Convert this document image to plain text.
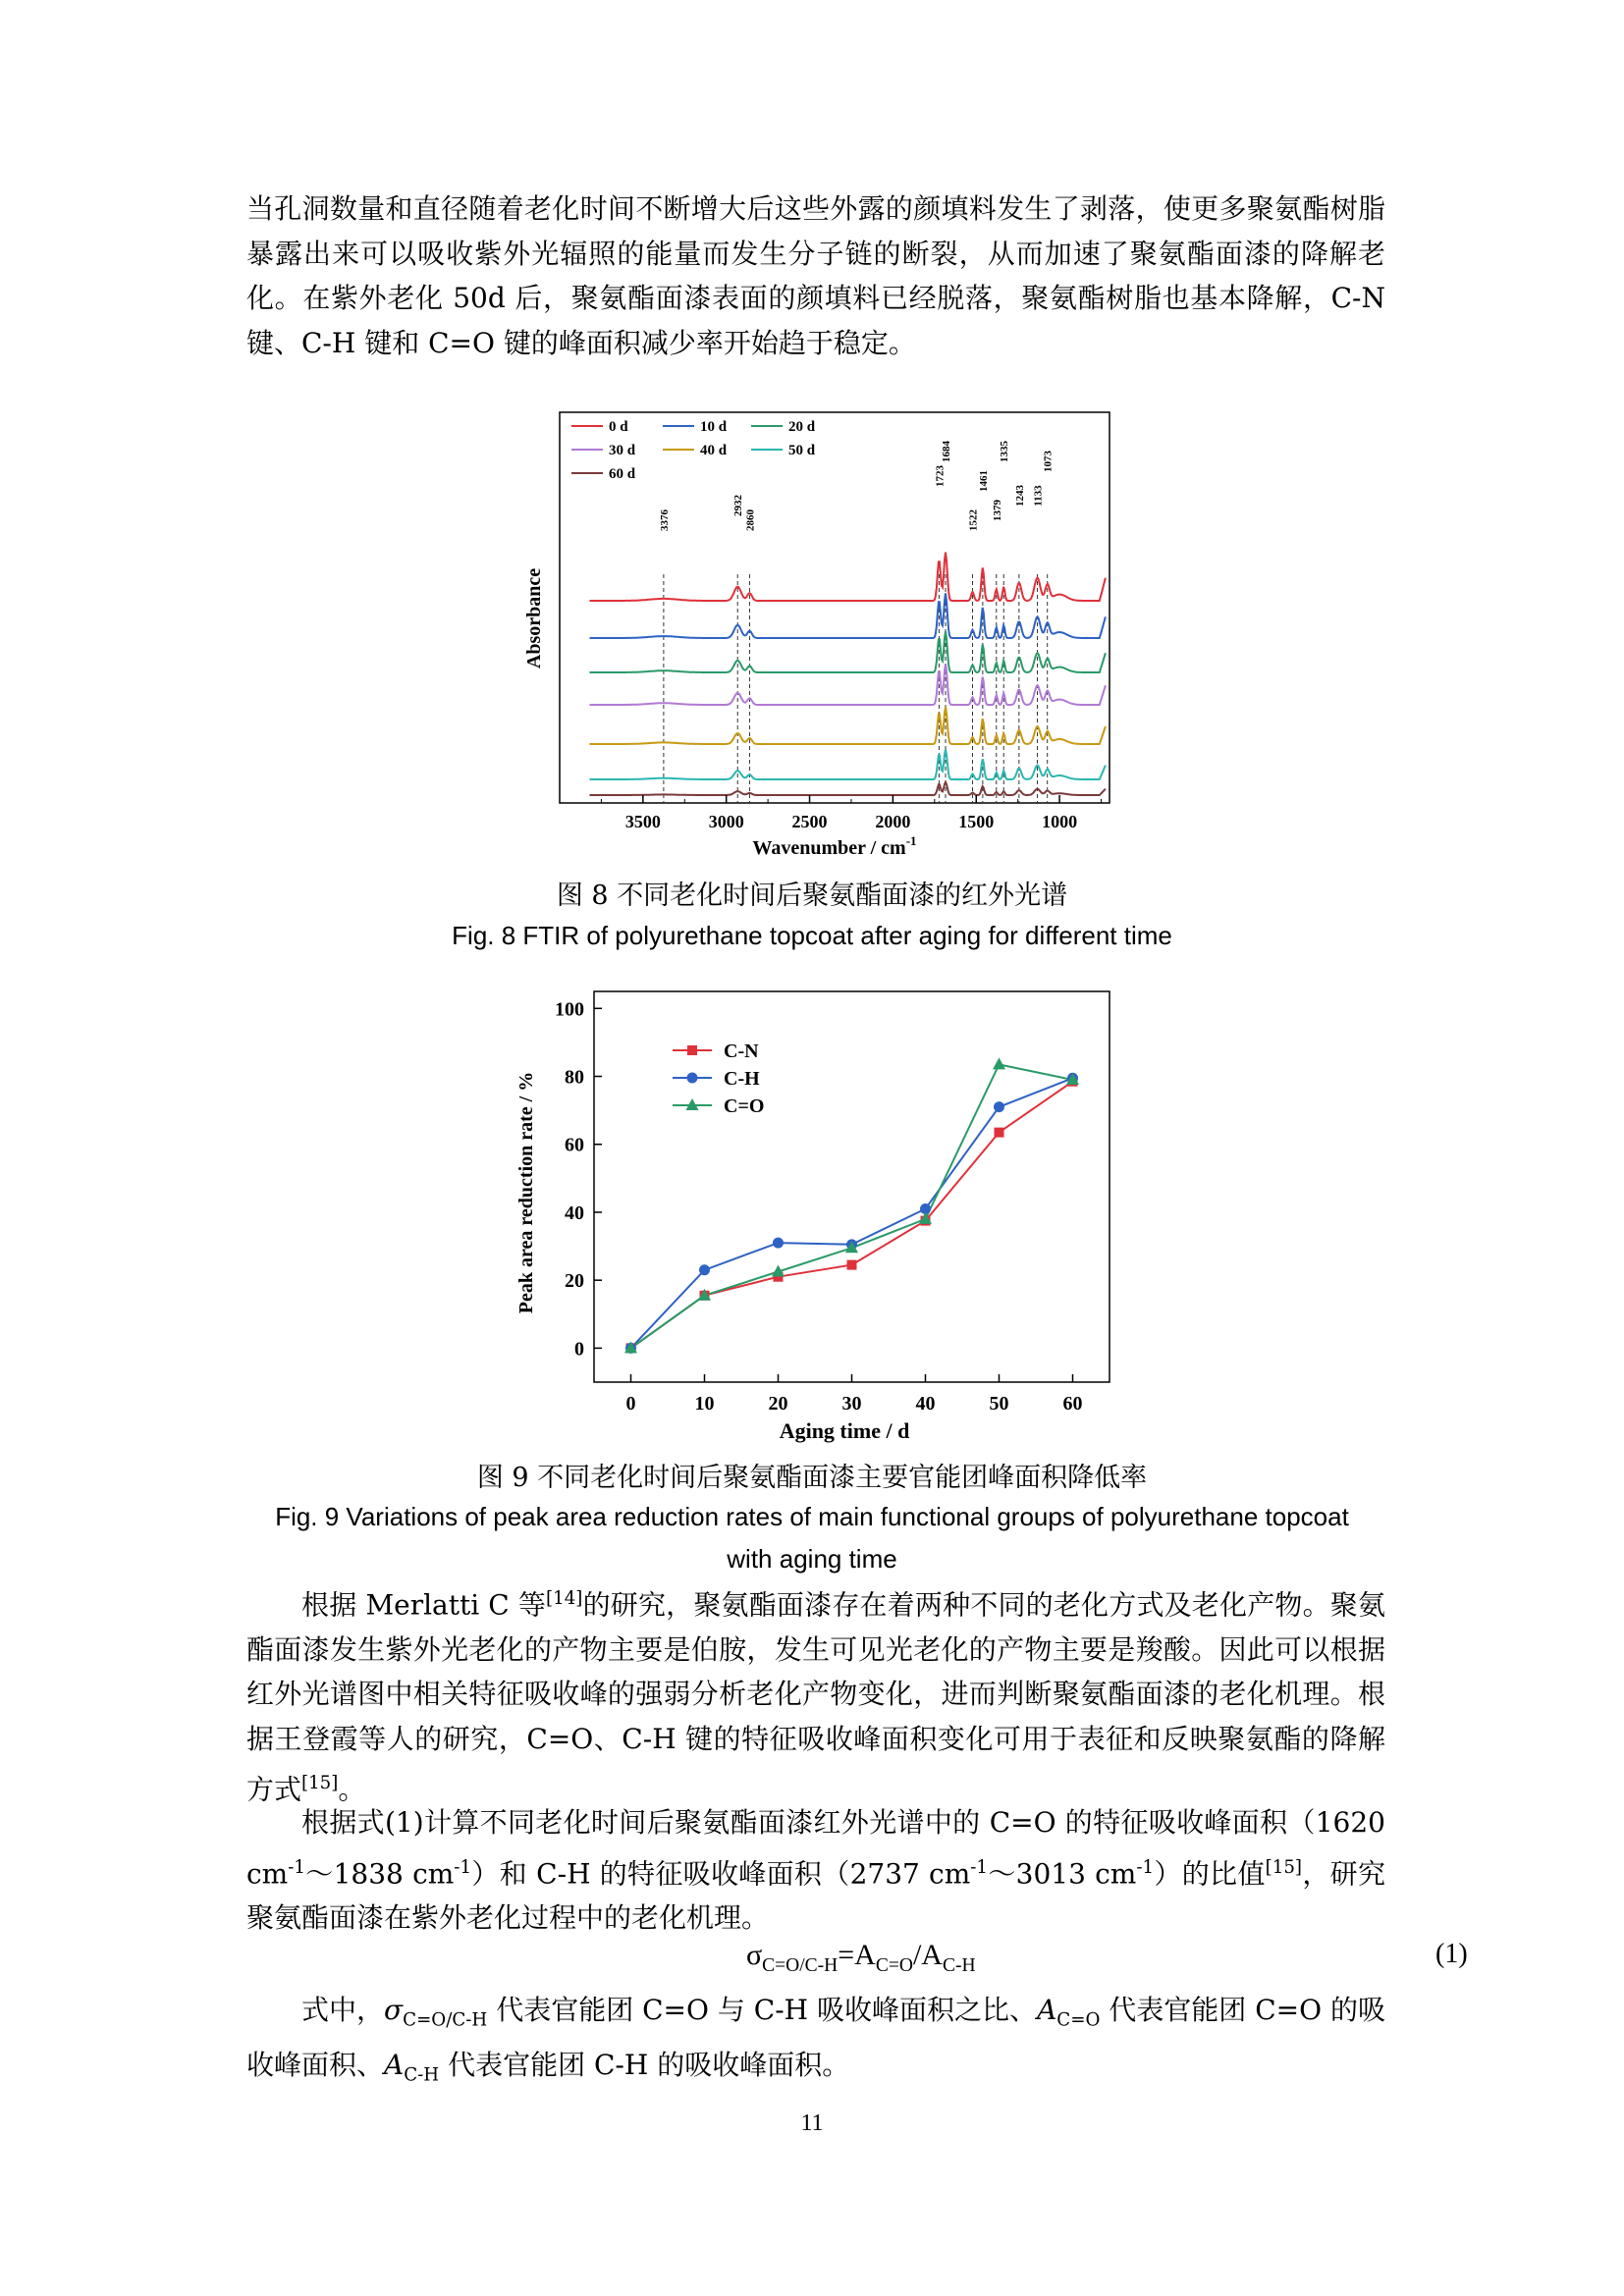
当孔洞数量和直径随着老化时间不断增大后这些外露的颜填料发生了剥落，使更多聚氨酯树脂暴露出来可以吸收紫外光辐照的能量而发生分子链的断裂，从而加速了聚氨酯面漆的降解老化。在紫外老化 50d 后，聚氨酯面漆表面的颜填料已经脱落，聚氨酯树脂也基本降解，C-N 键、C-H 键和 C=O 键的峰面积减少率开始趋于稳定。

3376
2932
2860
1723
1684
1522
1461
1379
1335
1243 1133
1073
0 d	10 d	20 d
30 d	40 d	50 d
60 d
3500	3000	2500	2000	1500	1000
Absorbance
Wavenumber / $cm^{-1}$

图 8 不同老化时间后聚氨酯面漆的红外光谱

Fig. 8 FTIR of polyurethane topcoat after aging for different time

0	10	20	30	40	50	60
0
20
40
60
80
100
C-N
C-H
C=O
Peak area reduction rate / %
Aging time / d

图 9 不同老化时间后聚氨酯面漆主要官能团峰面积降低率

Fig. 9 Variations of peak area reduction rates of main functional groups of polyurethane topcoat

with aging time

根据 Merlatti C 等[14]的研究，聚氨酯面漆存在着两种不同的老化方式及老化产物。聚氨酯面漆发生紫外光老化的产物主要是伯胺，发生可见光老化的产物主要是羧酸。因此可以根据红外光谱图中相关特征吸收峰的强弱分析老化产物变化，进而判断聚氨酯面漆的老化机理。根据王登霞等人的研究，C=O、C-H 键的特征吸收峰面积变化可用于表征和反映聚氨酯的降解方式[15]。

根据式(1)计算不同老化时间后聚氨酯面漆红外光谱中的 C=O 的特征吸收峰面积（1620 $cm^{-1}\sim 1838$ $cm^{-1}$）和 C-H 的特征吸收峰面积（2737 $cm^{-1}\sim 3013$ $cm^{-1}$）的比值[15]，研究聚氨酯面漆在紫外老化过程中的老化机理。

$\sigma_{C=O/C-H}=A_{C=O}/A_{C-H}$	(1)

式中，$\sigma_{C=O/C-H}$ 代表官能团 C=O 与 C-H 吸收峰面积之比、$A_{C=O}$ 代表官能团 C=O 的吸收峰面积、$A_{C-H}$ 代表官能团 C-H 的吸收峰面积。

11
